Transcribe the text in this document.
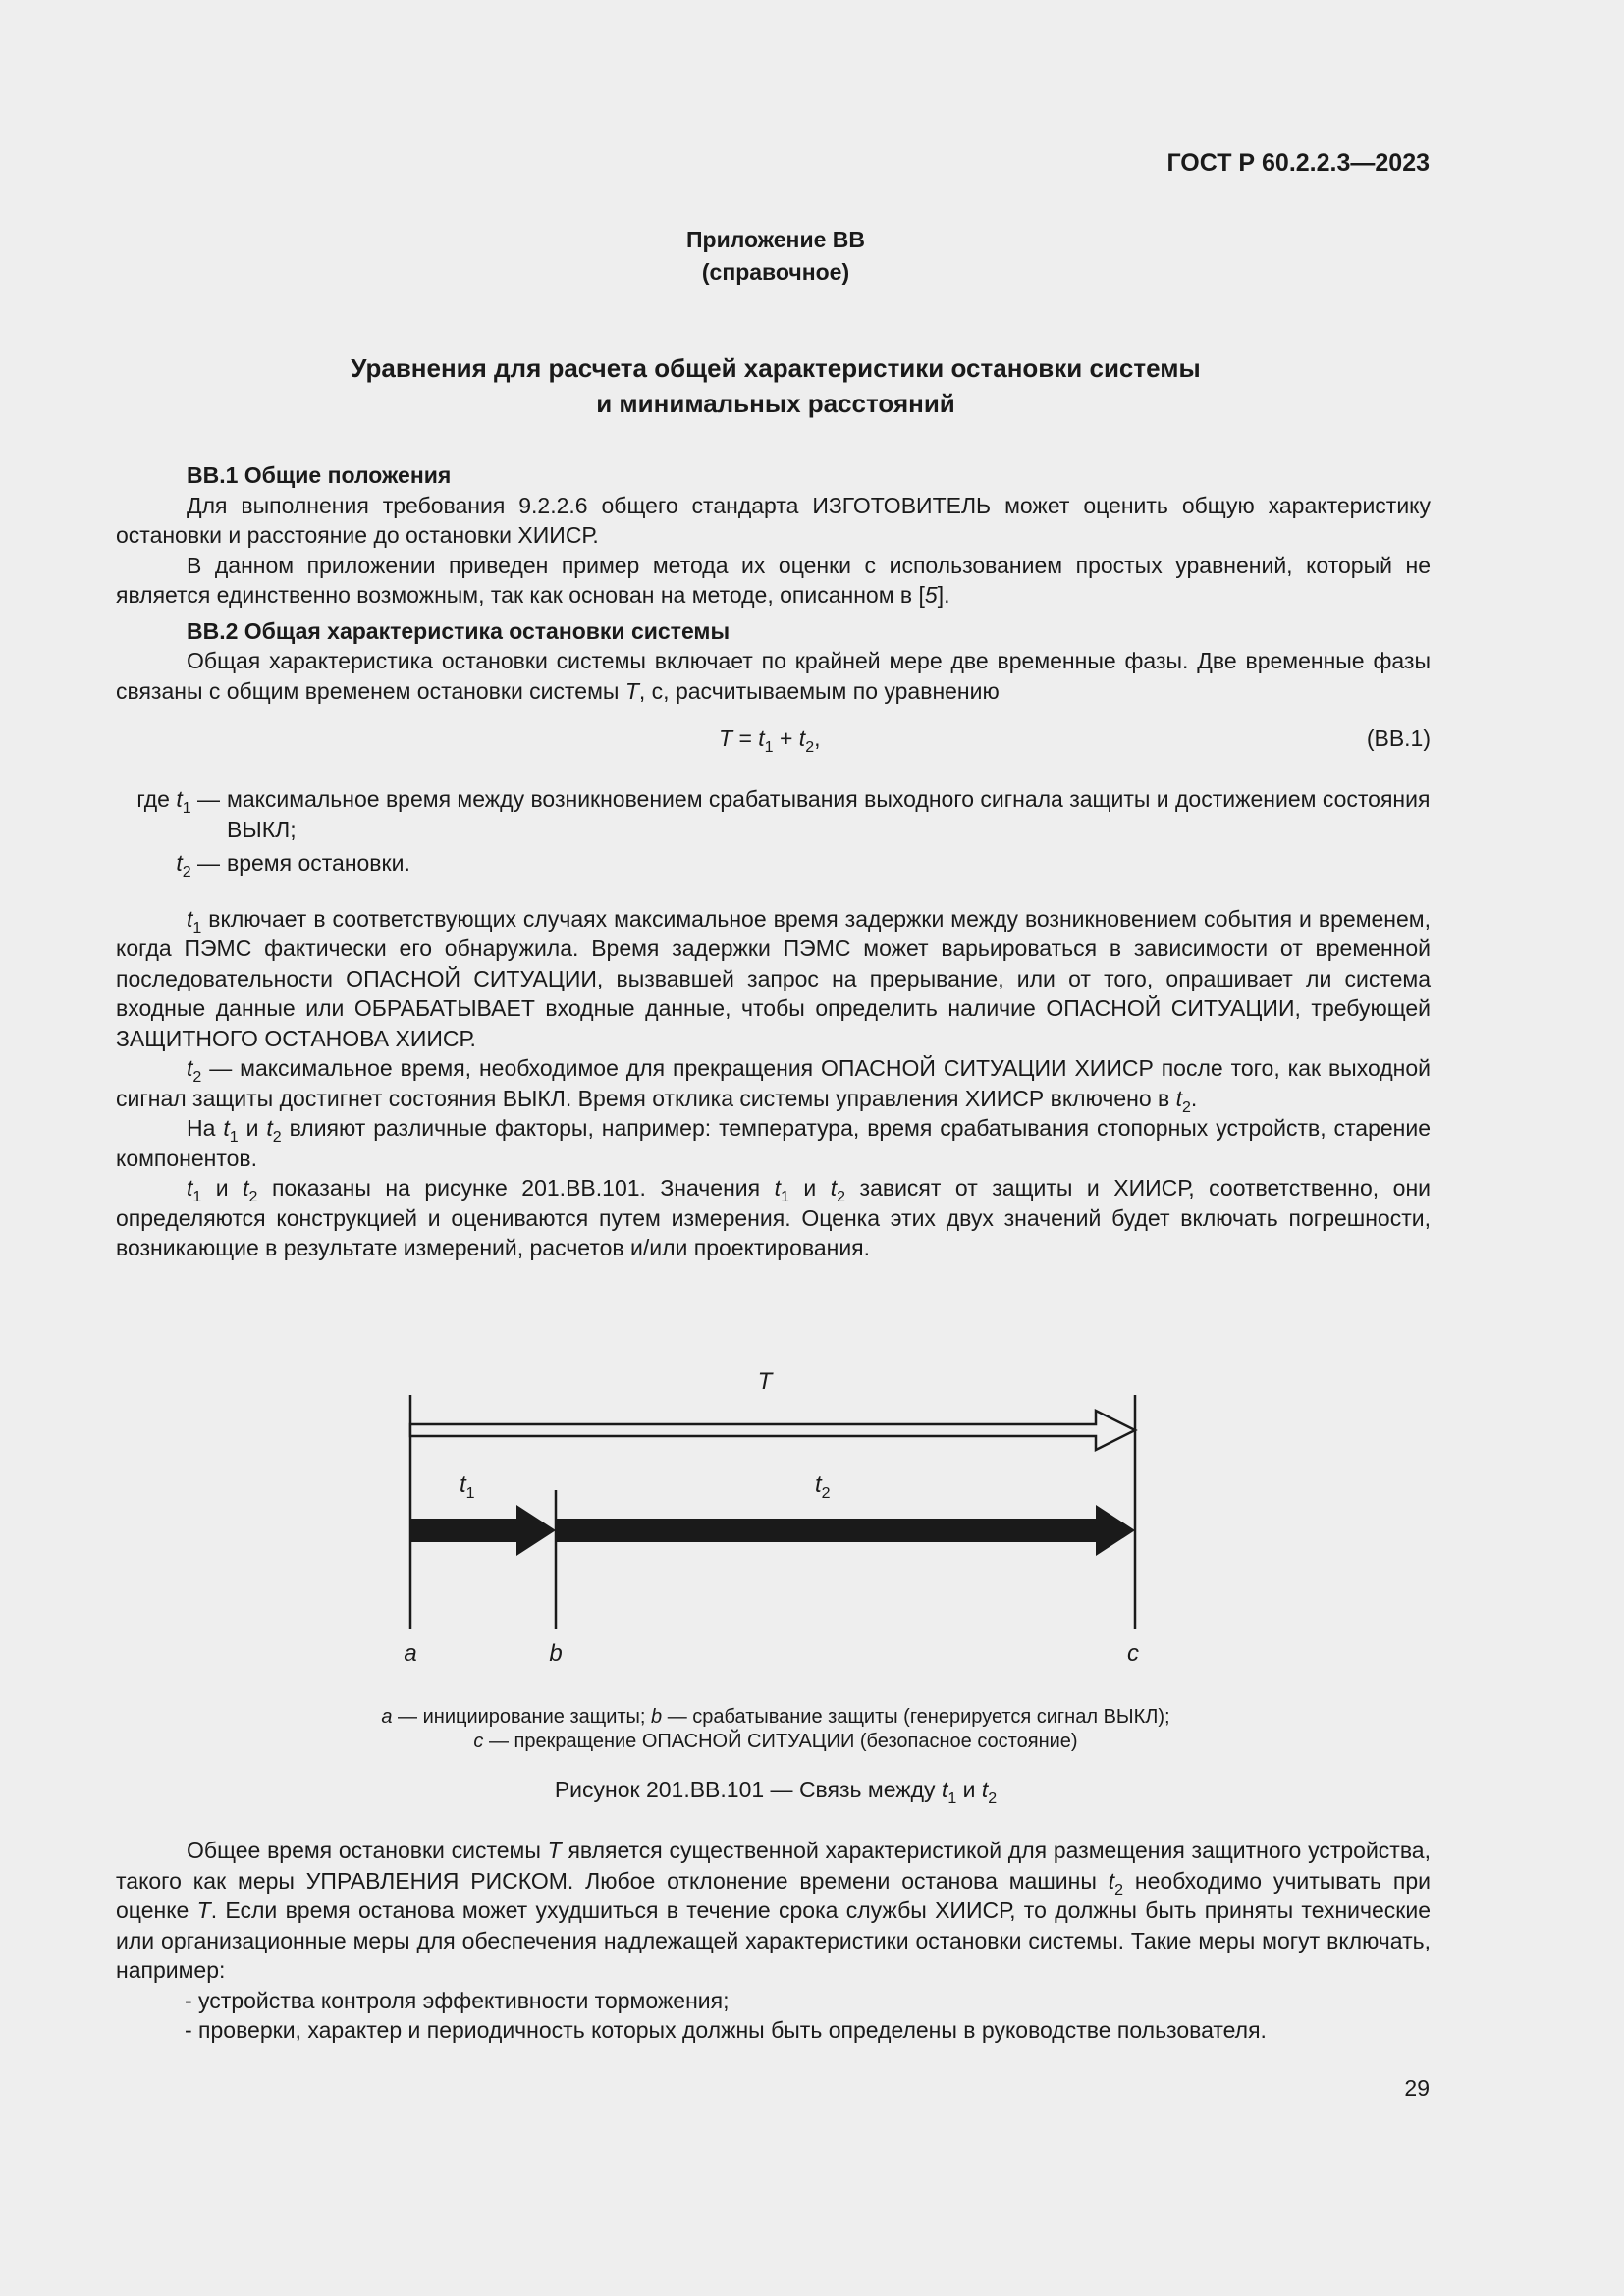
ГОСТ Р 60.2.2.3—2023
Приложение ВВ
(справочное)
Уравнения для расчета общей характеристики остановки системы
и минимальных расстояний

ВВ.1 Общие положения

Для выполнения требования 9.2.2.6 общего стандарта ИЗГОТОВИТЕЛЬ может оценить общую характеристику остановки и расстояние до остановки ХИИСР.

В данном приложении приведен пример метода их оценки с использованием простых уравнений, который не является единственно возможным, так как основан на методе, описанном в [5].

ВВ.2 Общая характеристика остановки системы

Общая характеристика остановки системы включает по крайней мере две временные фазы. Две временные фазы связаны с общим временем остановки системы T, с, расчитываемым по уравнению

$T = t_1 + t_2$,	(ВВ.1)
где $t_1$ — максимальное время между возникновением срабатывания выходного сигнала защиты и достижением состояния ВЫКЛ;
$t_2$ — время остановки.

$t_1$ включает в соответствующих случаях максимальное время задержки между возникновением события и временем, когда ПЭМС фактически его обнаружила. Время задержки ПЭМС может варьироваться в зависимости от временной последовательности ОПАСНОЙ СИТУАЦИИ, вызвавшей запрос на прерывание, или от того, опрашивает ли система входные данные или ОБРАБАТЫВАЕТ входные данные, чтобы определить наличие ОПАСНОЙ СИТУАЦИИ, требующей ЗАЩИТНОГО ОСТАНОВА ХИИСР.

$t_2$ — максимальное время, необходимое для прекращения ОПАСНОЙ СИТУАЦИИ ХИИСР после того, как выходной сигнал защиты достигнет состояния ВЫКЛ. Время отклика системы управления ХИИСР включено в $t_2$.

На $t_1$ и $t_2$ влияют различные факторы, например: температура, время срабатывания стопорных устройств, старение компонентов.

$t_1$ и $t_2$ показаны на рисунке 201.ВВ.101. Значения $t_1$ и $t_2$ зависят от защиты и ХИИСР, соответственно, они определяются конструкцией и оцениваются путем измерения. Оценка этих двух значений будет включать погрешности, возникающие в результате измерений, расчетов и/или проектирования.

T
$t_1$	$t_2$
a	b	c
a — инициирование защиты; b — срабатывание защиты (генерируется сигнал ВЫКЛ);
c — прекращение ОПАСНОЙ СИТУАЦИИ (безопасное состояние)
Рисунок 201.ВВ.101 — Связь между $t_1$ и $t_2$

Общее время остановки системы T является существенной характеристикой для размещения защитного устройства, такого как меры УПРАВЛЕНИЯ РИСКОМ. Любое отклонение времени останова машины $t_2$ необходимо учитывать при оценке T. Если время останова может ухудшиться в течение срока службы ХИИСР, то должны быть приняты технические или организационные меры для обеспечения надлежащей характеристики остановки системы. Такие меры могут включать, например:

- устройства контроля эффективности торможения;

- проверки, характер и периодичность которых должны быть определены в руководстве пользователя.

29
